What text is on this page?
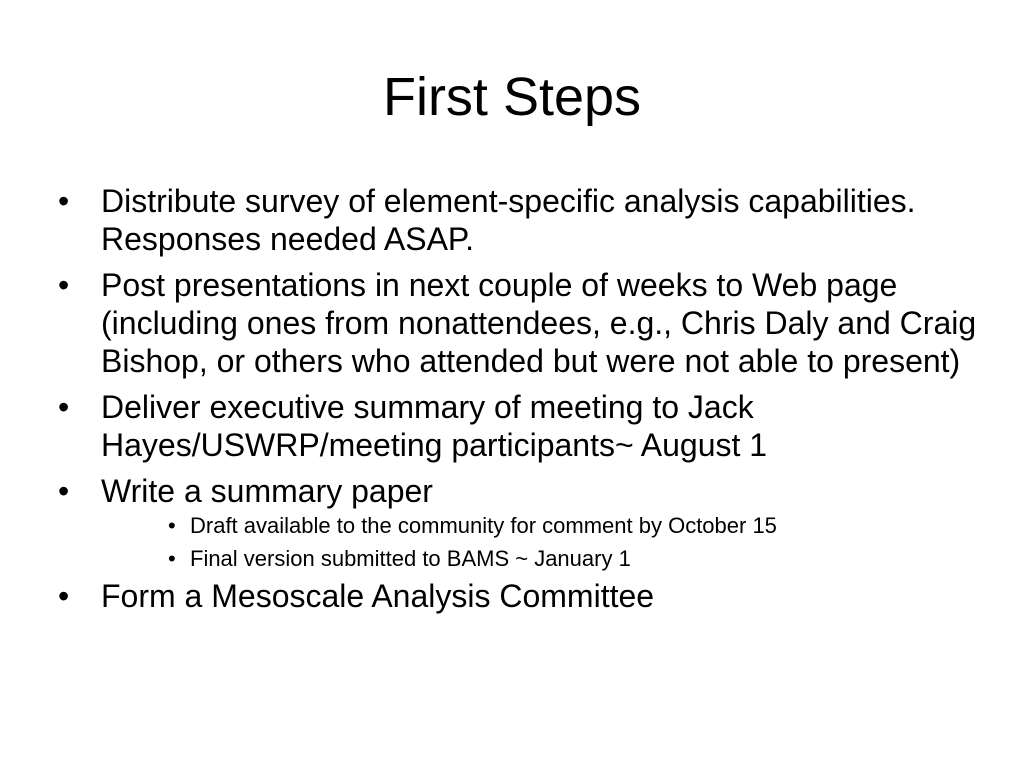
First Steps
• Distribute survey of element-specific analysis capabilities. Responses needed ASAP.
• Post presentations in next couple of weeks to Web page (including ones from nonattendees, e.g., Chris Daly and Craig Bishop, or others who attended but were not able to present)
• Deliver executive summary of meeting to Jack Hayes/USWRP/meeting participants~ August 1
• Write a summary paper
• Draft available to the community for comment by October 15
• Final version submitted to BAMS ~ January 1
• Form a Mesoscale Analysis Committee
